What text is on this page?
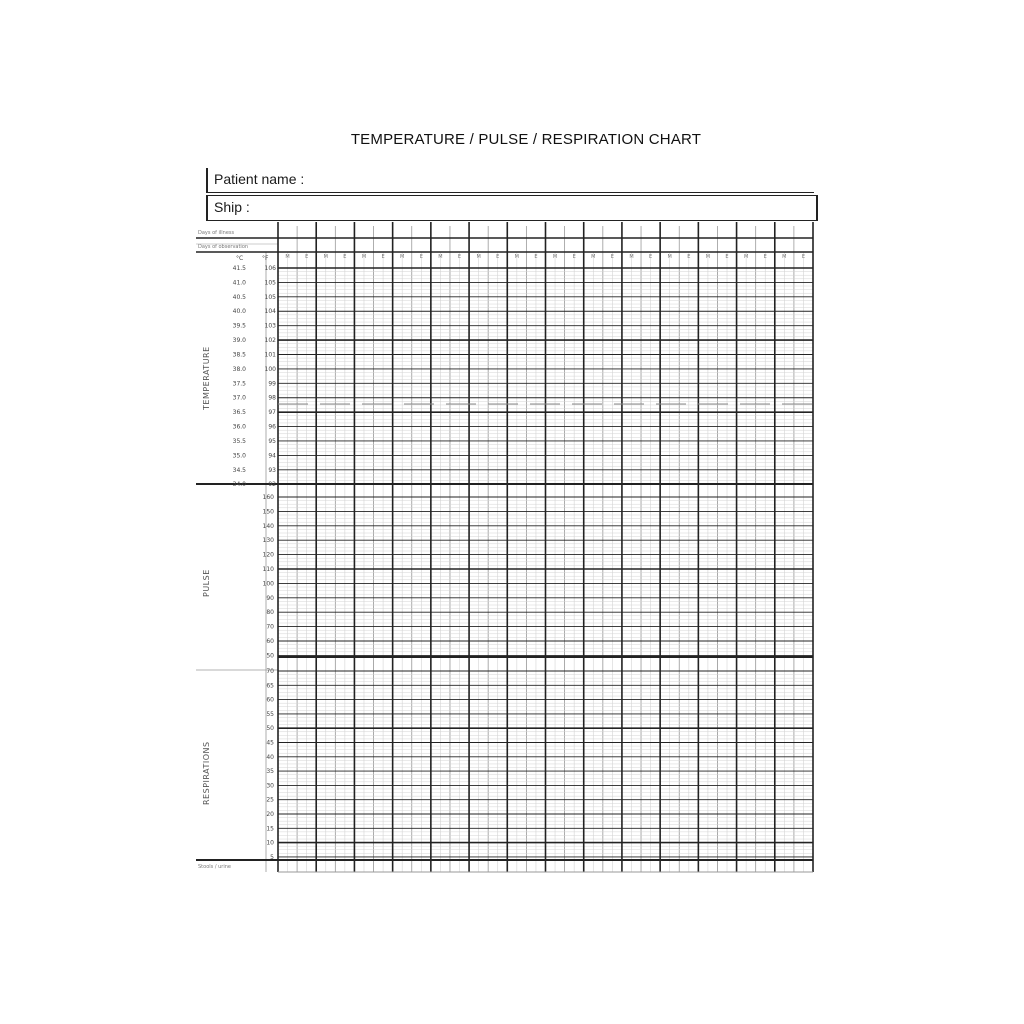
TEMPERATURE / PULSE / RESPIRATION CHART
Patient name :
Ship :
Days of illness
Days of observation
°C	°F
TEMPERATURE
PULSE
RESPIRATIONS
41.5	106
41.0	105
40.5	105
40.0	104
39.5	103
39.0	102
38.5	101
38.0	100
37.5	99
37.0	98
36.5	97
36.0	96
35.5	95
35.0	94
34.5	93
34.0	92
160
150
140
130
120
110
100
90
80
70
60
50
70
65
60
55
50
45
40
35
30
25
20
15
10
5
M	E	M	E	M	E	M	E	M	E	M	E	M	E	M	E	M	E	M	E	M	E	M	E	M	E	M	E
Stools / urine
